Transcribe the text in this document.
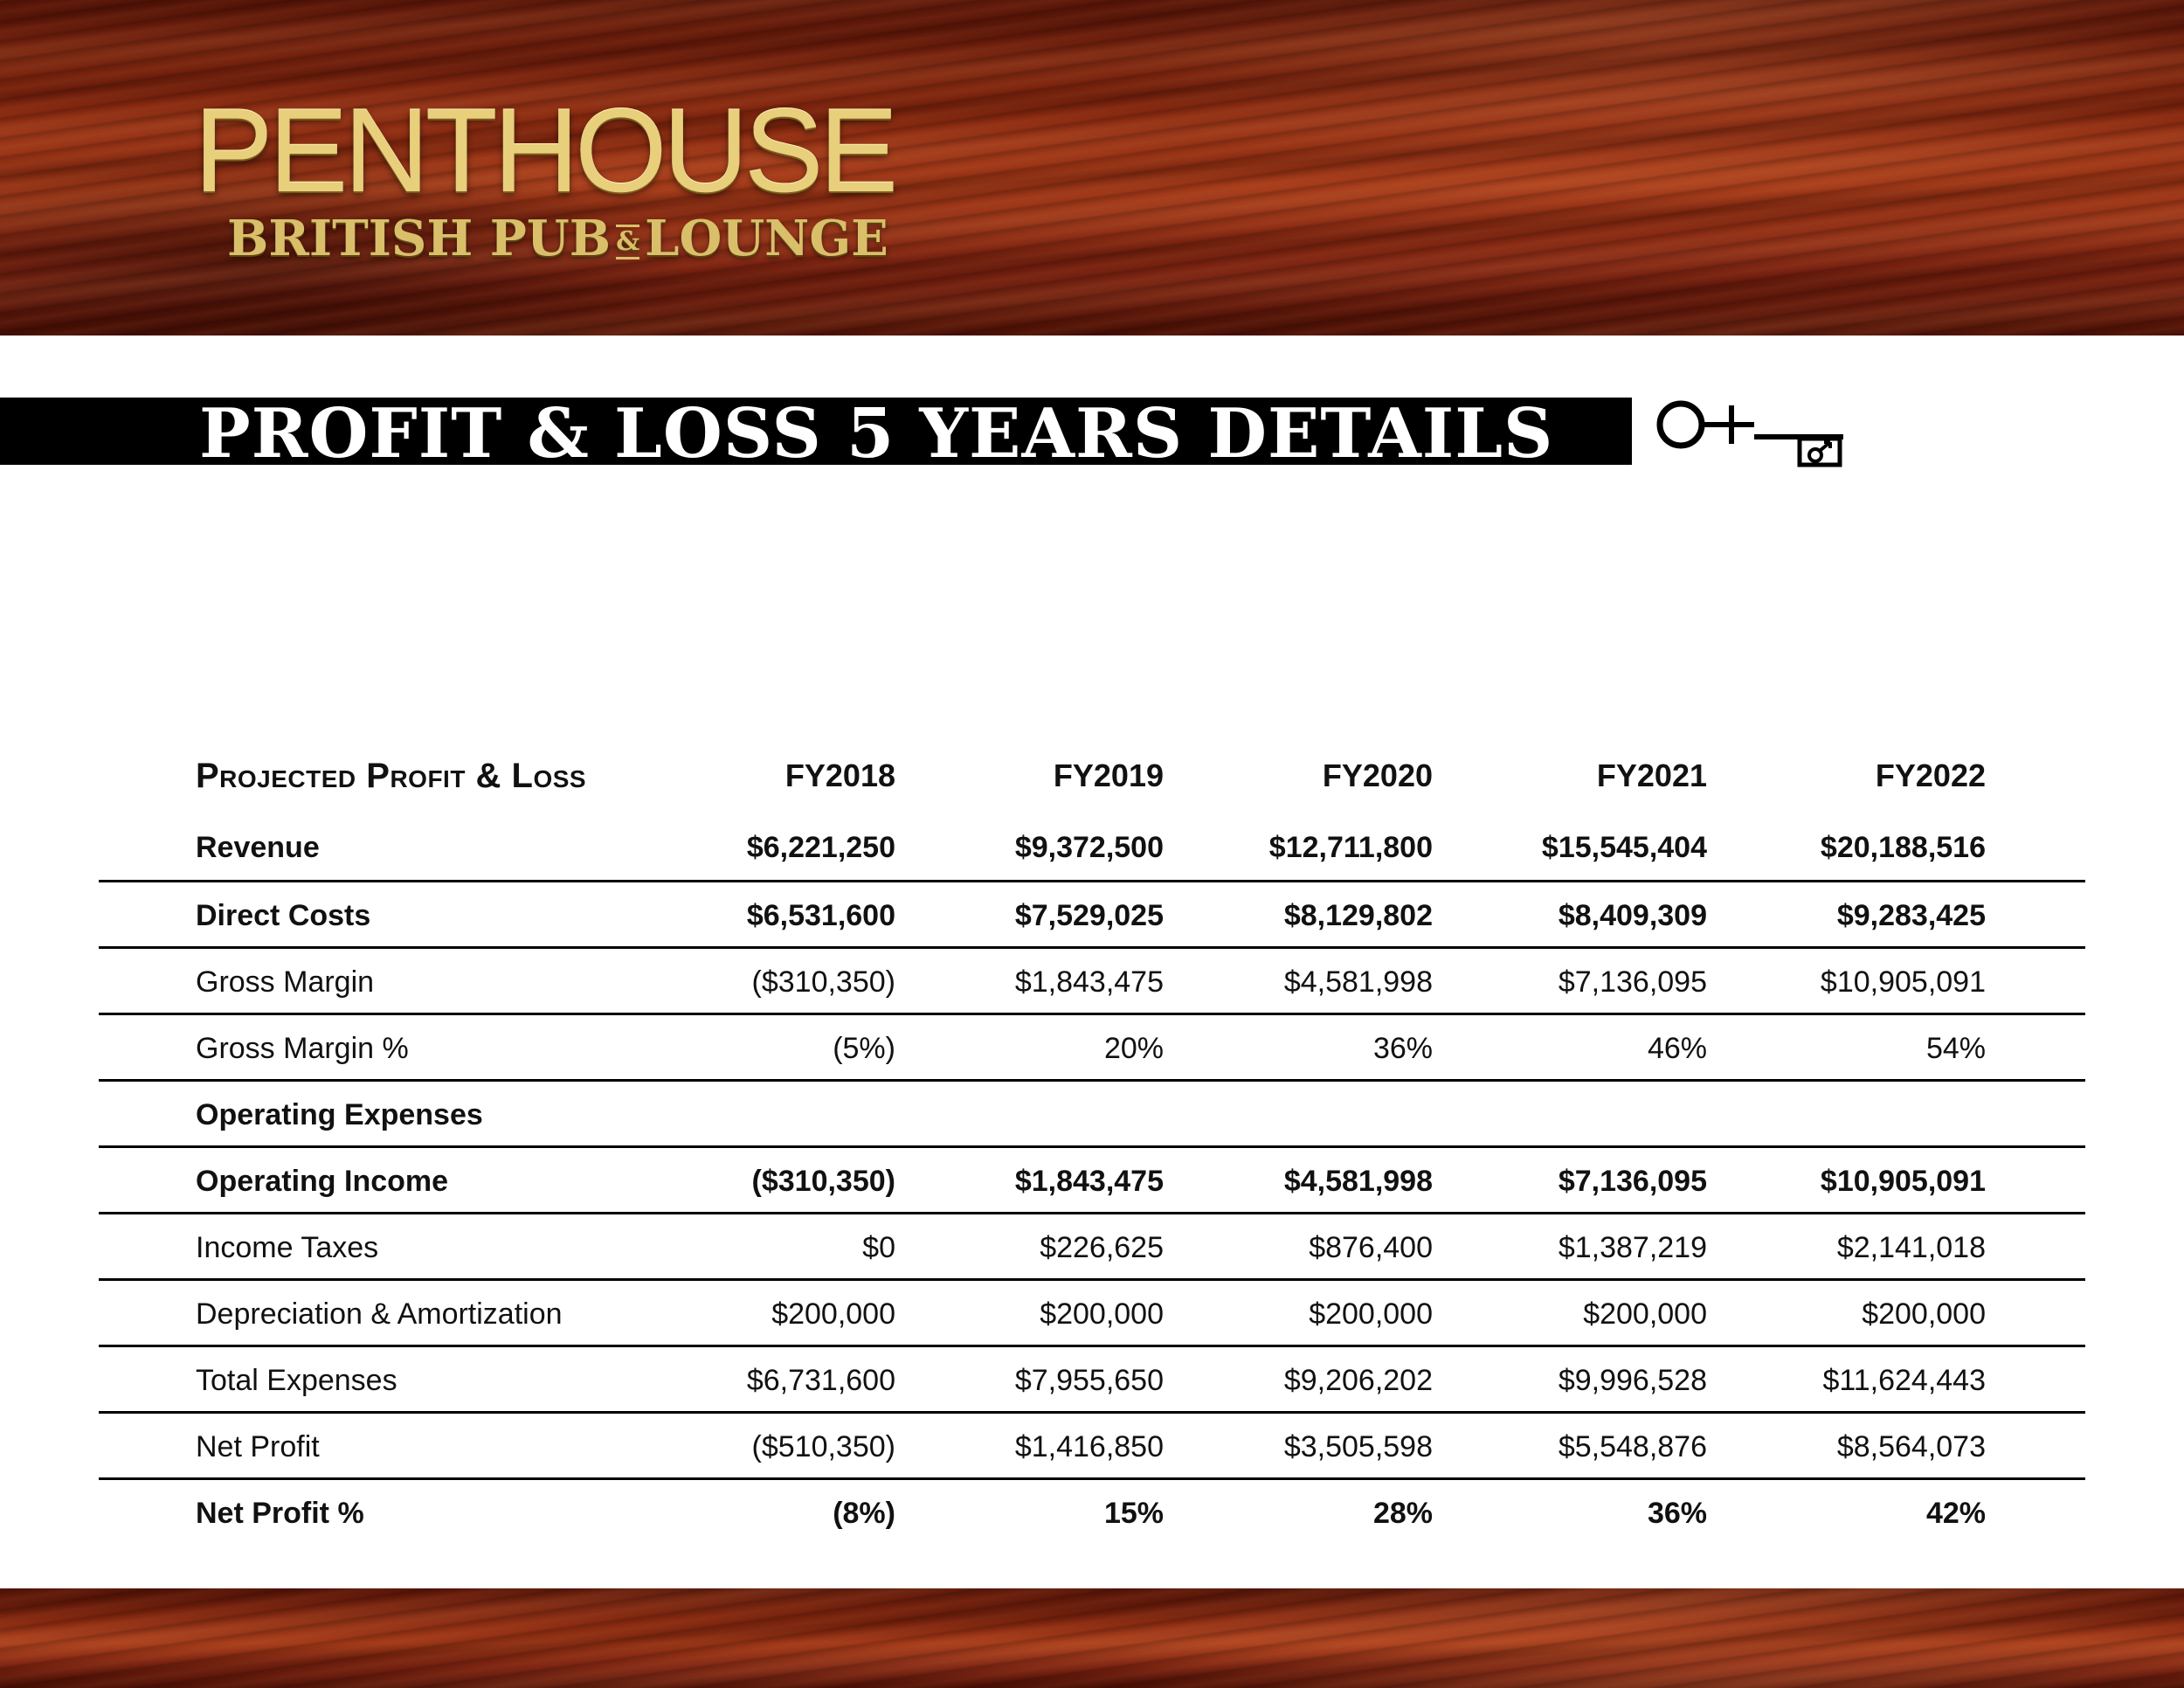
PENTHOUSE
BRITISH PUB & LOUNGE
PROFIT & LOSS 5 YEARS DETAILS
Projected Profit & Loss	FY2018	FY2019	FY2020	FY2021	FY2022
Revenue	$6,221,250	$9,372,500	$12,711,800	$15,545,404	$20,188,516
Direct Costs	$6,531,600	$7,529,025	$8,129,802	$8,409,309	$9,283,425
Gross Margin	($310,350)	$1,843,475	$4,581,998	$7,136,095	$10,905,091
Gross Margin %	(5%)	20%	36%	46%	54%
Operating Expenses
Operating Income	($310,350)	$1,843,475	$4,581,998	$7,136,095	$10,905,091
Income Taxes	$0	$226,625	$876,400	$1,387,219	$2,141,018
Depreciation & Amortization	$200,000	$200,000	$200,000	$200,000	$200,000
Total Expenses	$6,731,600	$7,955,650	$9,206,202	$9,996,528	$11,624,443
Net Profit	($510,350)	$1,416,850	$3,505,598	$5,548,876	$8,564,073
Net Profit %	(8%)	15%	28%	36%	42%
